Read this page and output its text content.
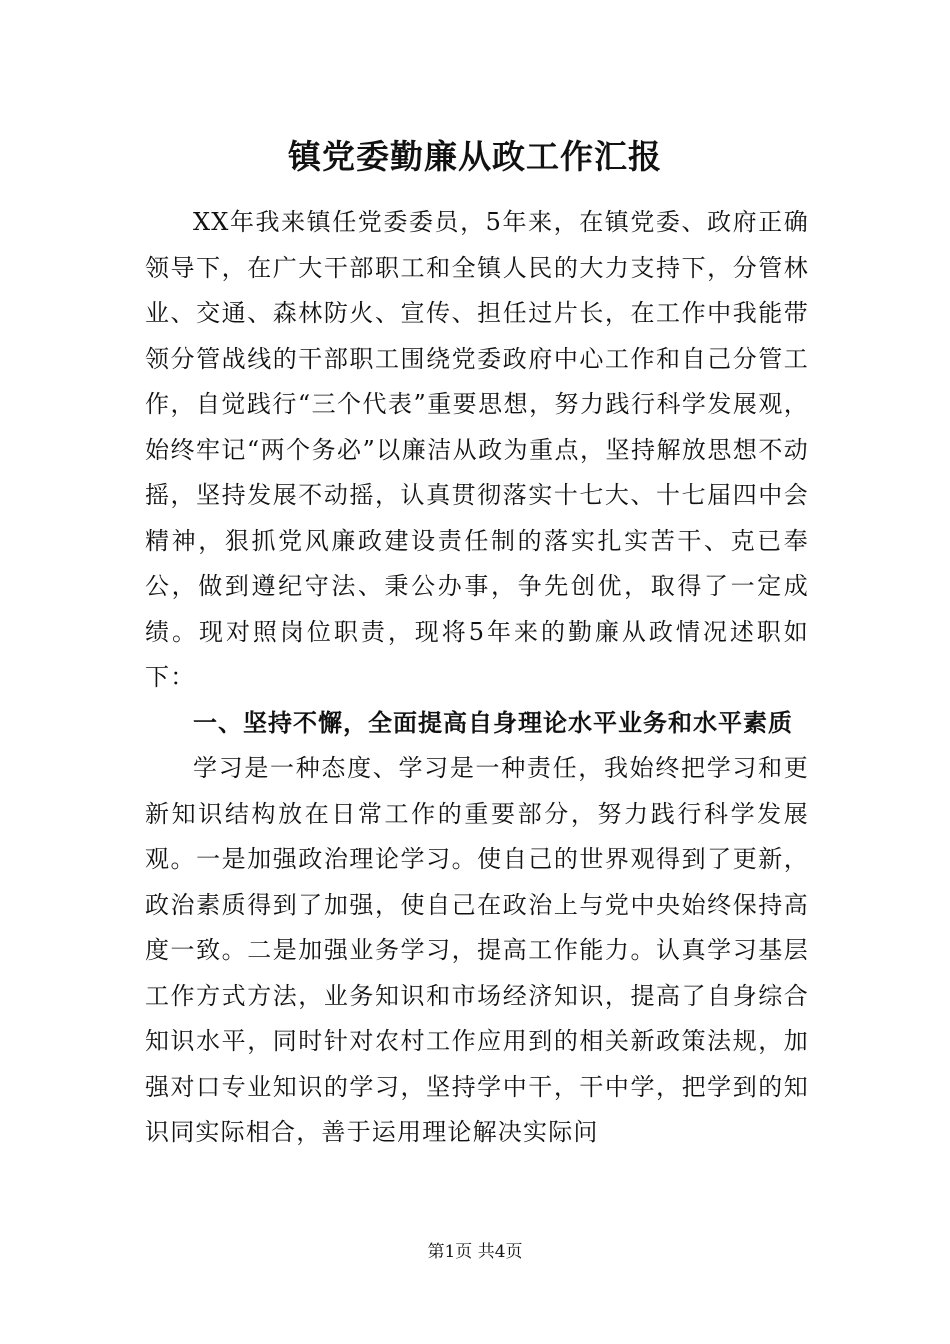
镇党委勤廉从政工作汇报

XX年我来镇任党委委员，5年来，在镇党委、政府正确领导下，在广大干部职工和全镇人民的大力支持下，分管林业、交通、森林防火、宣传、担任过片长，在工作中我能带领分管战线的干部职工围绕党委政府中心工作和自己分管工作，自觉践行“三个代表”重要思想，努力践行科学发展观，始终牢记“两个务必”以廉洁从政为重点，坚持解放思想不动摇，坚持发展不动摇，认真贯彻落实十七大、十七届四中会精神，狠抓党风廉政建设责任制的落实扎实苦干、克已奉公，做到遵纪守法、秉公办事，争先创优，取得了一定成绩。现对照岗位职责，现将5年来的勤廉从政情况述职如下：

一、坚持不懈，全面提高自身理论水平业务和水平素质

学习是一种态度、学习是一种责任，我始终把学习和更新知识结构放在日常工作的重要部分，努力践行科学发展观。一是加强政治理论学习。使自己的世界观得到了更新，政治素质得到了加强，使自己在政治上与党中央始终保持高度一致。二是加强业务学习，提高工作能力。认真学习基层工作方式方法，业务知识和市场经济知识，提高了自身综合知识水平，同时针对农村工作应用到的相关新政策法规，加强对口专业知识的学习，坚持学中干，干中学，把学到的知识同实际相合，善于运用理论解决实际问

第1页 共4页
